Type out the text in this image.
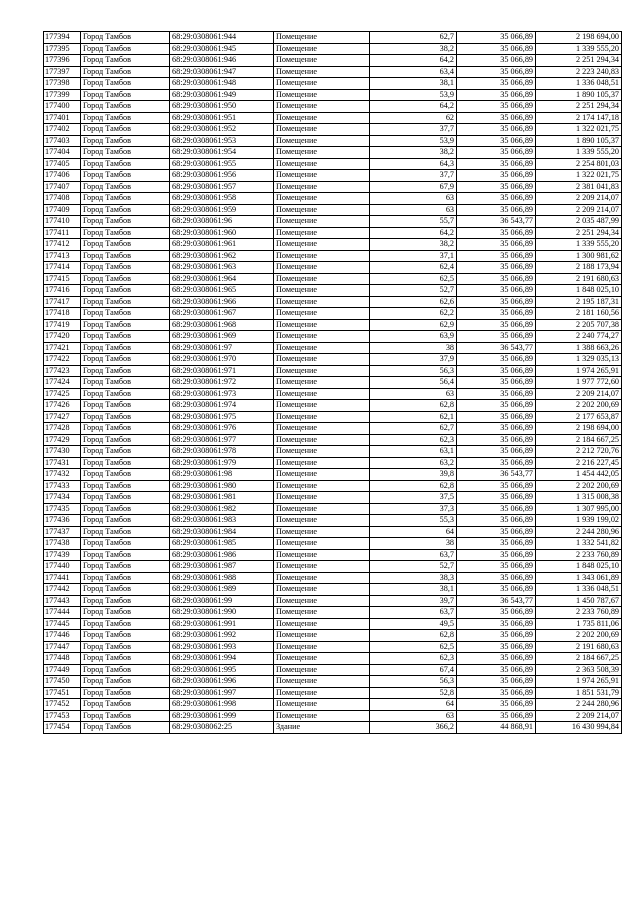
177394	Город Тамбов	68:29:0308061:944	Помещение	62,7	35 066,89	2 198 694,00
177395	Город Тамбов	68:29:0308061:945	Помещение	38,2	35 066,89	1 339 555,20
177396	Город Тамбов	68:29:0308061:946	Помещение	64,2	35 066,89	2 251 294,34
177397	Город Тамбов	68:29:0308061:947	Помещение	63,4	35 066,89	2 223 240,83
177398	Город Тамбов	68:29:0308061:948	Помещение	38,1	35 066,89	1 336 048,51
177399	Город Тамбов	68:29:0308061:949	Помещение	53,9	35 066,89	1 890 105,37
177400	Город Тамбов	68:29:0308061:950	Помещение	64,2	35 066,89	2 251 294,34
177401	Город Тамбов	68:29:0308061:951	Помещение	62	35 066,89	2 174 147,18
177402	Город Тамбов	68:29:0308061:952	Помещение	37,7	35 066,89	1 322 021,75
177403	Город Тамбов	68:29:0308061:953	Помещение	53,9	35 066,89	1 890 105,37
177404	Город Тамбов	68:29:0308061:954	Помещение	38,2	35 066,89	1 339 555,20
177405	Город Тамбов	68:29:0308061:955	Помещение	64,3	35 066,89	2 254 801,03
177406	Город Тамбов	68:29:0308061:956	Помещение	37,7	35 066,89	1 322 021,75
177407	Город Тамбов	68:29:0308061:957	Помещение	67,9	35 066,89	2 381 041,83
177408	Город Тамбов	68:29:0308061:958	Помещение	63	35 066,89	2 209 214,07
177409	Город Тамбов	68:29:0308061:959	Помещение	63	35 066,89	2 209 214,07
177410	Город Тамбов	68:29:0308061:96	Помещение	55,7	36 543,77	2 035 487,99
177411	Город Тамбов	68:29:0308061:960	Помещение	64,2	35 066,89	2 251 294,34
177412	Город Тамбов	68:29:0308061:961	Помещение	38,2	35 066,89	1 339 555,20
177413	Город Тамбов	68:29:0308061:962	Помещение	37,1	35 066,89	1 300 981,62
177414	Город Тамбов	68:29:0308061:963	Помещение	62,4	35 066,89	2 188 173,94
177415	Город Тамбов	68:29:0308061:964	Помещение	62,5	35 066,89	2 191 680,63
177416	Город Тамбов	68:29:0308061:965	Помещение	52,7	35 066,89	1 848 025,10
177417	Город Тамбов	68:29:0308061:966	Помещение	62,6	35 066,89	2 195 187,31
177418	Город Тамбов	68:29:0308061:967	Помещение	62,2	35 066,89	2 181 160,56
177419	Город Тамбов	68:29:0308061:968	Помещение	62,9	35 066,89	2 205 707,38
177420	Город Тамбов	68:29:0308061:969	Помещение	63,9	35 066,89	2 240 774,27
177421	Город Тамбов	68:29:0308061:97	Помещение	38	36 543,77	1 388 663,26
177422	Город Тамбов	68:29:0308061:970	Помещение	37,9	35 066,89	1 329 035,13
177423	Город Тамбов	68:29:0308061:971	Помещение	56,3	35 066,89	1 974 265,91
177424	Город Тамбов	68:29:0308061:972	Помещение	56,4	35 066,89	1 977 772,60
177425	Город Тамбов	68:29:0308061:973	Помещение	63	35 066,89	2 209 214,07
177426	Город Тамбов	68:29:0308061:974	Помещение	62,8	35 066,89	2 202 200,69
177427	Город Тамбов	68:29:0308061:975	Помещение	62,1	35 066,89	2 177 653,87
177428	Город Тамбов	68:29:0308061:976	Помещение	62,7	35 066,89	2 198 694,00
177429	Город Тамбов	68:29:0308061:977	Помещение	62,3	35 066,89	2 184 667,25
177430	Город Тамбов	68:29:0308061:978	Помещение	63,1	35 066,89	2 212 720,76
177431	Город Тамбов	68:29:0308061:979	Помещение	63,2	35 066,89	2 216 227,45
177432	Город Тамбов	68:29:0308061:98	Помещение	39,8	36 543,77	1 454 442,05
177433	Город Тамбов	68:29:0308061:980	Помещение	62,8	35 066,89	2 202 200,69
177434	Город Тамбов	68:29:0308061:981	Помещение	37,5	35 066,89	1 315 008,38
177435	Город Тамбов	68:29:0308061:982	Помещение	37,3	35 066,89	1 307 995,00
177436	Город Тамбов	68:29:0308061:983	Помещение	55,3	35 066,89	1 939 199,02
177437	Город Тамбов	68:29:0308061:984	Помещение	64	35 066,89	2 244 280,96
177438	Город Тамбов	68:29:0308061:985	Помещение	38	35 066,89	1 332 541,82
177439	Город Тамбов	68:29:0308061:986	Помещение	63,7	35 066,89	2 233 760,89
177440	Город Тамбов	68:29:0308061:987	Помещение	52,7	35 066,89	1 848 025,10
177441	Город Тамбов	68:29:0308061:988	Помещение	38,3	35 066,89	1 343 061,89
177442	Город Тамбов	68:29:0308061:989	Помещение	38,1	35 066,89	1 336 048,51
177443	Город Тамбов	68:29:0308061:99	Помещение	39,7	36 543,77	1 450 787,67
177444	Город Тамбов	68:29:0308061:990	Помещение	63,7	35 066,89	2 233 760,89
177445	Город Тамбов	68:29:0308061:991	Помещение	49,5	35 066,89	1 735 811,06
177446	Город Тамбов	68:29:0308061:992	Помещение	62,8	35 066,89	2 202 200,69
177447	Город Тамбов	68:29:0308061:993	Помещение	62,5	35 066,89	2 191 680,63
177448	Город Тамбов	68:29:0308061:994	Помещение	62,3	35 066,89	2 184 667,25
177449	Город Тамбов	68:29:0308061:995	Помещение	67,4	35 066,89	2 363 508,39
177450	Город Тамбов	68:29:0308061:996	Помещение	56,3	35 066,89	1 974 265,91
177451	Город Тамбов	68:29:0308061:997	Помещение	52,8	35 066,89	1 851 531,79
177452	Город Тамбов	68:29:0308061:998	Помещение	64	35 066,89	2 244 280,96
177453	Город Тамбов	68:29:0308061:999	Помещение	63	35 066,89	2 209 214,07
177454	Город Тамбов	68:29:0308062:25	Здание	366,2	44 868,91	16 430 994,84
